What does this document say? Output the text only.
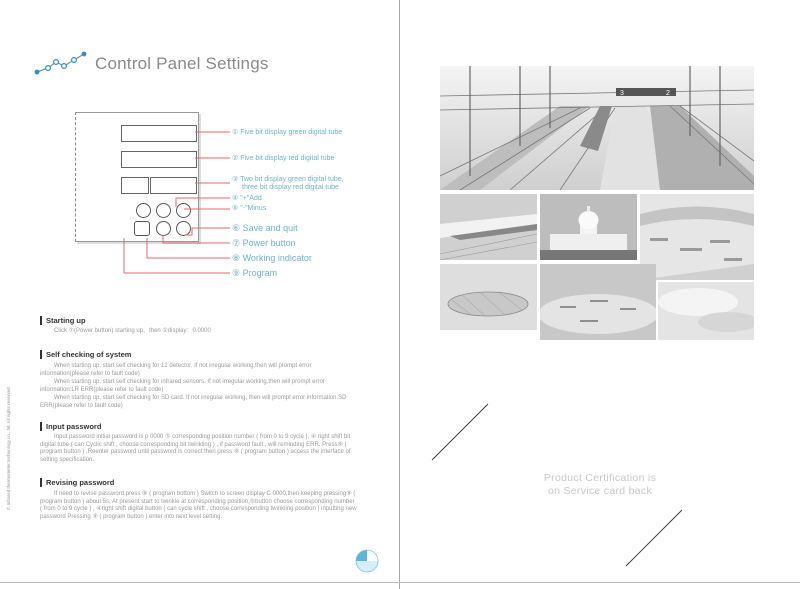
Control Panel Settings
① Five bit display green digital tube
② Five bit display red digital tube
③ Two bit display green digital tube,
three bit display red digital tube
④ "+"Add
⑤ "-"Minus
⑥ Save and quit
⑦ Power button
⑧ Working indicator
⑨ Program
Starting up

Click ⑦(Power button) starting up，then ①display：0.0000

Self checking of system

When starting up, start self checking for 12 detector. If not irregular working,then will prompt error information(please refer to fault code)

When starting up, start self checking for infrared sensors. If not irregular working,then will prompt error information:LR ERR(please refer to fault code)

When starting up, start self checking for SD card. If not irregular working, then will prompt error information:SD ERR(please refer to fault code)

Input password

Input password initial password is p 0000 ⑤ corresponding position number ( from 0 to 9 cycle ), ④ right shift bit digital tube ( can Cyclic shift , choose corresponding bit twinkling ) , if password fault , will reminding ERR. Press⑨ ( program button ) ,Reenter password until password is correct then press ⑨ ( program button ) access the interface of setting specification.

Revising password

If need to revise password,press ⑨ ( program bottom ) Switch to screen display C 0000,then keeping pressing⑨ ( program button ) about 5s, At present start to twinkle at corresponding position,⑤button choose corresponding number ( from 0 to 9 cycle ) , ④right shift digital button ( can cycle shift , choose corresponding twinkling position ) inputting new password Pressing ⑨ ( program button ) enter into next level setting.

© Infrared thermometer technology co., ltd. All rights reserved
3	2
Product Certification is
on Service card back
